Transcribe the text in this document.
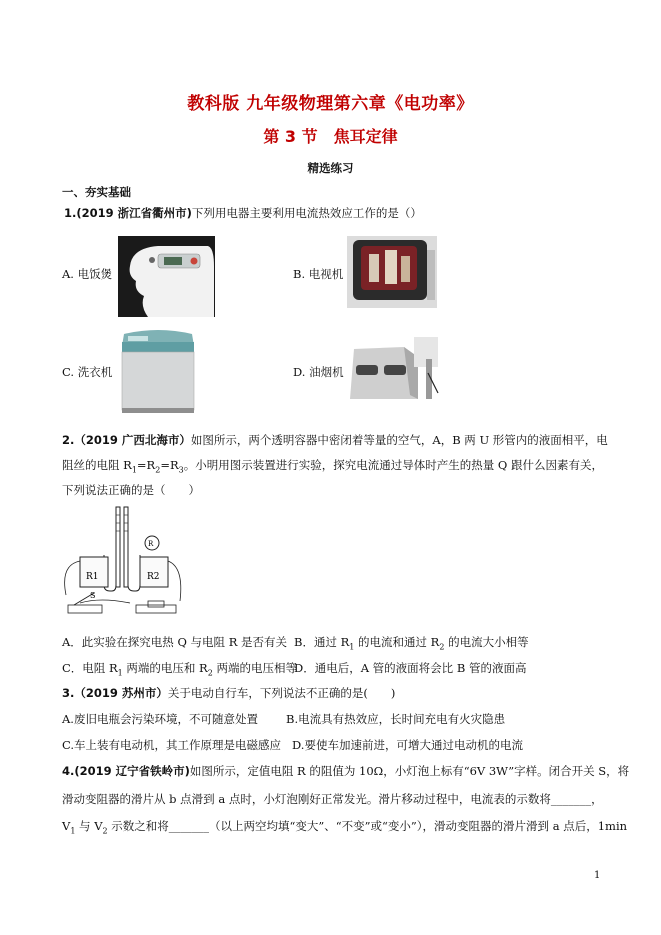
教科版 九年级物理第六章《电功率》
第 3 节　焦耳定律
精选练习
一、夯实基础
1.(2019 浙江省衢州市)下列用电器主要利用电流热效应工作的是（）
A. 电饭煲	B. 电视机
C. 洗衣机	D. 油烟机
2.（2019 广西北海市）如图所示，两个透明容器中密闭着等量的空气，A，B 两 U 形管内的液面相平，电
阻丝的电阻 $R_1=R_2=R_3$。小明用图示装置进行实验，探究电流通过导体时产生的热量 Q 跟什么因素有关，
下列说法正确的是（　　）
R1	R2
R
S
A．此实验在探究电热 Q 与电阻 R 是否有关 B．通过 $R_1$ 的电流和通过 $R_2$ 的电流大小相等
C．电阻 $R_1$ 两端的电压和 $R_2$ 两端的电压相等
D．通电后，A 管的液面将会比 B 管的液面高
3.（2019 苏州市）关于电动自行车，下列说法不正确的是(　　)
A.废旧电瓶会污染环境，不可随意处置 B.电流具有热效应，长时间充电有火灾隐患
C.车上装有电动机，其工作原理是电磁感应 D.要使车加速前进，可增大通过电动机的电流
4.(2019 辽宁省铁岭市)如图所示，定值电阻 R 的阻值为 10Ω，小灯泡上标有“6V 3W”字样。闭合开关 S，将
滑动变阻器的滑片从 b 点滑到 a 点时，小灯泡刚好正常发光。滑片移动过程中，电流表的示数将_______，
$V_1$ 与 $V_2$ 示数之和将_______（以上两空均填“变大”、“不变”或“变小”），滑动变阻器的滑片滑到 a 点后，1min
1
